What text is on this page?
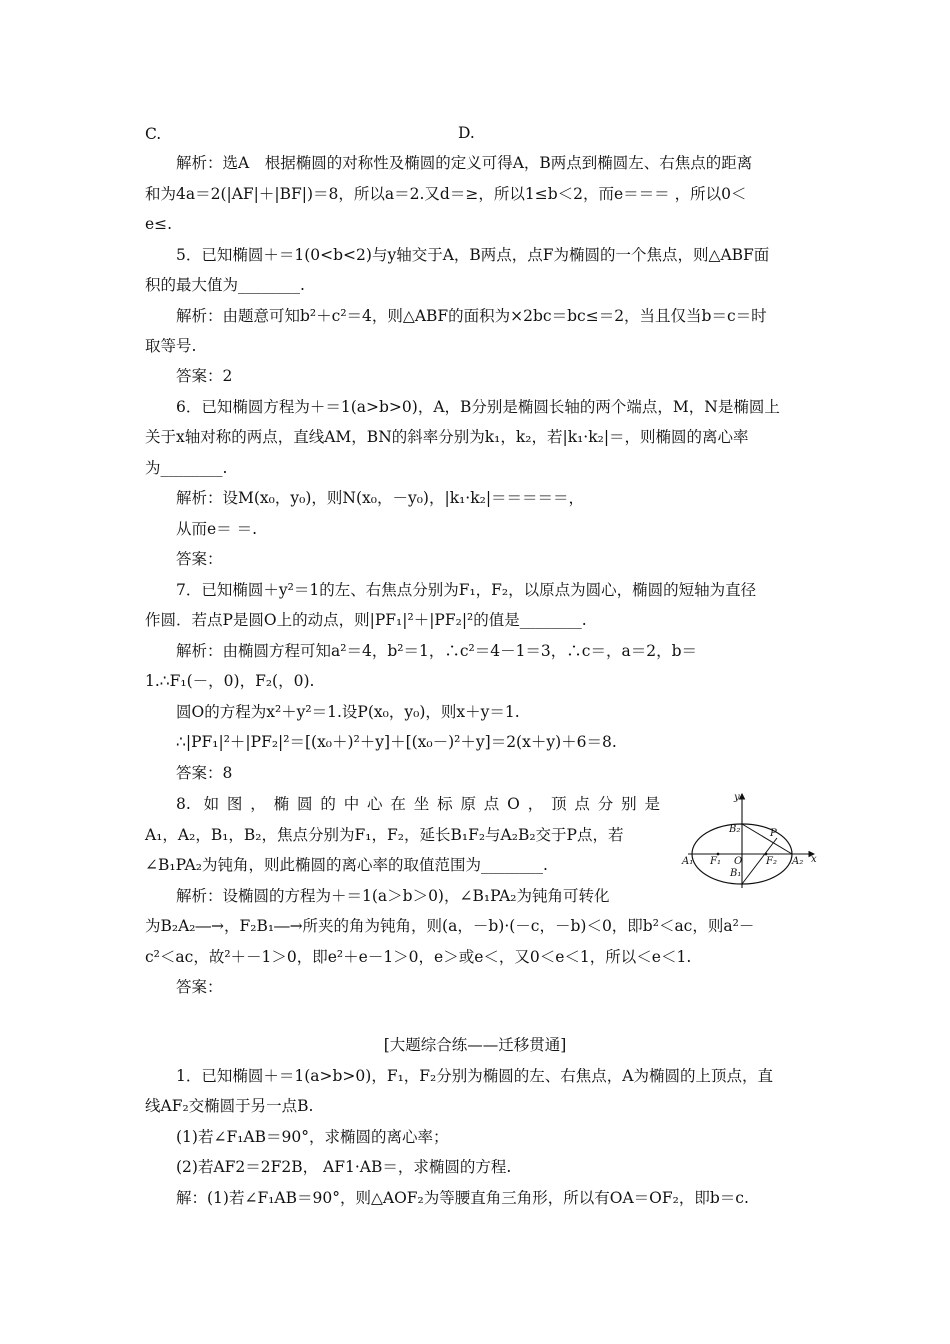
C.	D.
解析：选A　根据椭圆的对称性及椭圆的定义可得A，B两点到椭圆左、右焦点的距离
和为4a＝2(|AF|＋|BF|)＝8，所以a＝2.又d＝≥，所以1≤b＜2，而e＝＝＝ ，所以0＜
e≤.
5．已知椭圆＋＝1(0<b<2)与y轴交于A，B两点，点F为椭圆的一个焦点，则△ABF面
积的最大值为________.
解析：由题意可知b²＋c²＝4，则△ABF的面积为×2bc＝bc≤＝2，当且仅当b＝c＝时
取等号.
答案：2
6．已知椭圆方程为＋＝1(a>b>0)，A，B分别是椭圆长轴的两个端点，M，N是椭圆上
关于x轴对称的两点，直线AM，BN的斜率分别为k₁，k₂，若|k₁·k₂|＝，则椭圆的离心率
为________.
解析：设M(x₀，y₀)，则N(x₀，－y₀)，|k₁·k₂|＝＝＝＝＝，
从而e＝ ＝.
答案：
7．已知椭圆＋y²＝1的左、右焦点分别为F₁，F₂，以原点为圆心，椭圆的短轴为直径
作圆．若点P是圆O上的动点，则|PF₁|²＋|PF₂|²的值是________.
解析：由椭圆方程可知a²＝4，b²＝1，∴c²＝4－1＝3，∴c＝，a＝2，b＝
1.∴F₁(－，0)，F₂(，0).
圆O的方程为x²＋y²＝1.设P(x₀，y₀)，则x＋y＝1.
∴|PF₁|²＋|PF₂|²＝[(x₀＋)²＋y]＋[(x₀－)²＋y]＝2(x＋y)＋6＝8.
答案：8
8. 如图，椭圆的中心在坐标原点O，顶点分别是
A₁，A₂，B₁，B₂，焦点分别为F₁，F₂，延长B₁F₂与A₂B₂交于P点，若
∠B₁PA₂为钝角，则此椭圆的离心率的取值范围为________.
y
x
B₂
B₁
P
A₁ F₁ O F₂ A₂
解析：设椭圆的方程为＋＝1(a＞b＞0)，∠B₁PA₂为钝角可转化
为B₂A₂―→，F₂B₁―→所夹的角为钝角，则(a，－b)·(－c，－b)＜0，即b²＜ac，则a²－
c²＜ac，故²＋－1＞0，即e²＋e－1＞0，e＞或e＜，又0＜e＜1，所以＜e＜1.
答案：
[大题综合练——迁移贯通]
1．已知椭圆＋＝1(a>b>0)，F₁，F₂分别为椭圆的左、右焦点，A为椭圆的上顶点，直
线AF₂交椭圆于另一点B.
(1)若∠F₁AB＝90°，求椭圆的离心率；
(2)若AF2＝2F2B， AF1·AB＝，求椭圆的方程.
解：(1)若∠F₁AB＝90°，则△AOF₂为等腰直角三角形，所以有OA＝OF₂，即b＝c.
